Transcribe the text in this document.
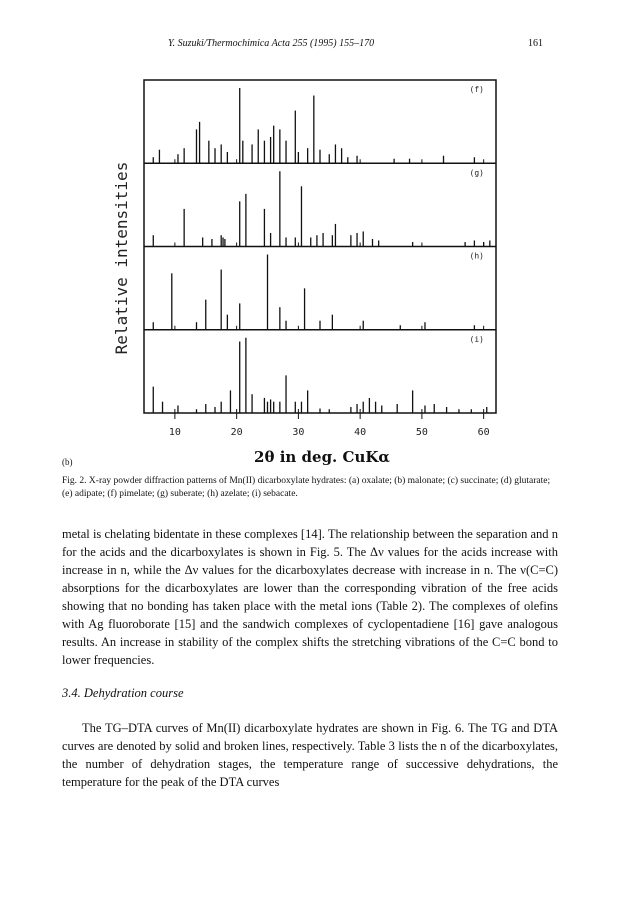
Y. Suzuki/Thermochimica Acta 255 (1995) 155–170	161
(f)
(g)
(h)
(i)
10	20	30	40	50	60
Relative intensities
2θ in deg. CuKα
(b)
Fig. 2. X-ray powder diffraction patterns of Mn(II) dicarboxylate hydrates: (a) oxalate; (b) malonate; (c) succinate; (d) glutarate; (e) adipate; (f) pimelate; (g) suberate; (h) azelate; (i) sebacate.

metal is chelating bidentate in these complexes [14]. The relationship between the separation and n for the acids and the dicarboxylates is shown in Fig. 5. The Δν values for the acids increase with increase in n, while the Δν values for the dicarboxylates decrease with increase in n. The ν(C=C) absorptions for the dicarboxylates are lower than the corresponding vibration of the free acids showing that no bonding has taken place with the metal ions (Table 2). The complexes of olefins with Ag fluoroborate [15] and the sandwich complexes of cyclopentadiene [16] gave analogous results. An increase in stability of the complex shifts the stretching vibrations of the C=C bond to lower frequencies.

3.4. Dehydration course
The TG–DTA curves of Mn(II) dicarboxylate hydrates are shown in Fig. 6. The TG and DTA curves are denoted by solid and broken lines, respectively. Table 3 lists the n of the dicarboxylates, the number of dehydration stages, the temperature range of successive dehydrations, the temperature for the peak of the DTA curves
